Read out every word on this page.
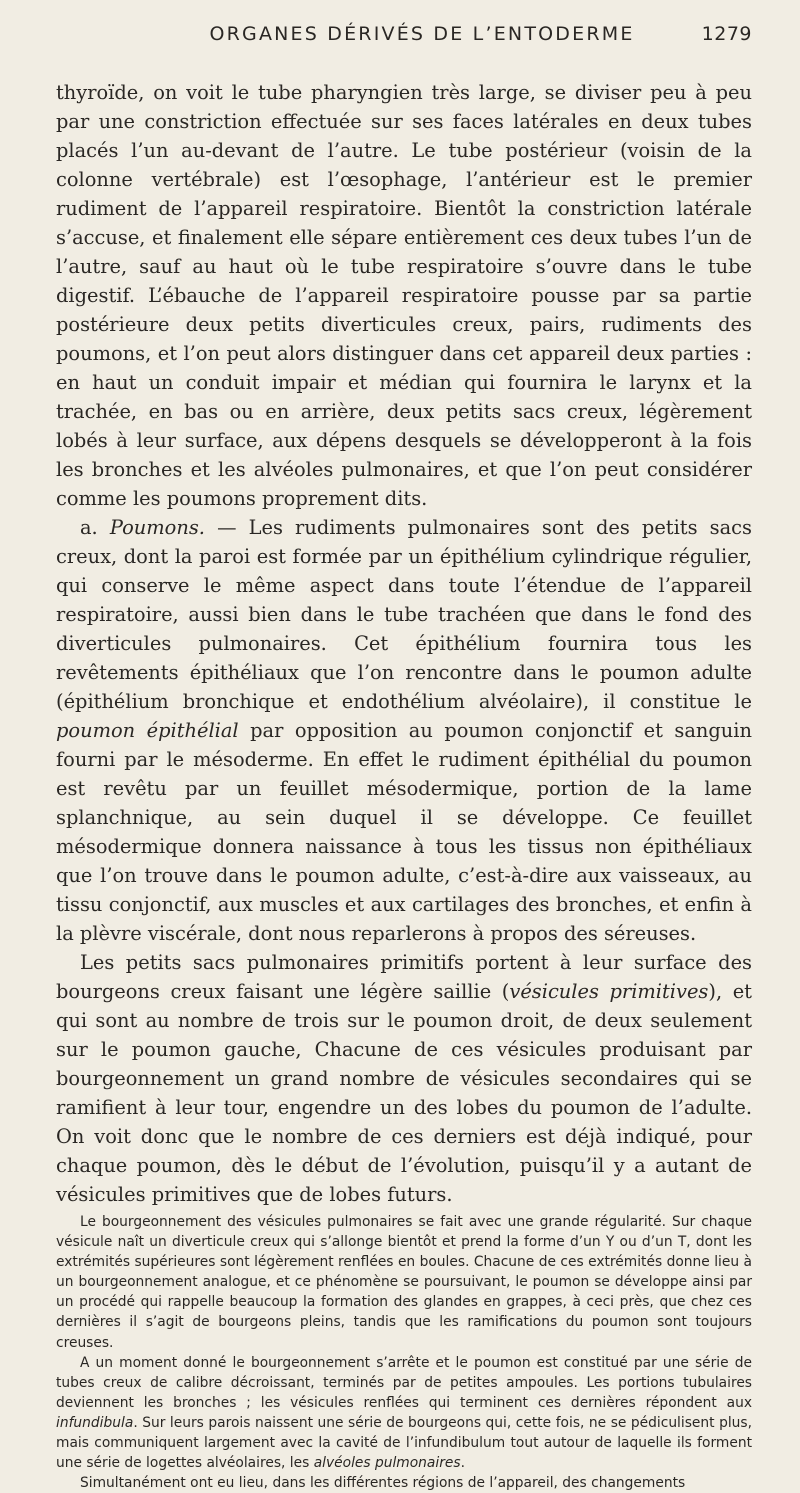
ORGANES DÉRIVÉS DE L’ENTODERME	1279

thyroïde, on voit le tube pharyngien très large, se diviser peu à peu par une constriction effectuée sur ses faces latérales en deux tubes placés l’un au-devant de l’autre. Le tube postérieur (voisin de la colonne vertébrale) est l’œsophage, l’antérieur est le premier rudiment de l’appareil respiratoire. Bientôt la constriction latérale s’accuse, et finalement elle sépare entièrement ces deux tubes l’un de l’autre, sauf au haut où le tube respiratoire s’ouvre dans le tube digestif. L’ébauche de l’appareil respiratoire pousse par sa partie postérieure deux petits diverticules creux, pairs, rudiments des poumons, et l’on peut alors distinguer dans cet appareil deux parties : en haut un conduit impair et médian qui fournira le larynx et la trachée, en bas ou en arrière, deux petits sacs creux, légèrement lobés à leur surface, aux dépens desquels se développeront à la fois les bronches et les alvéoles pulmonaires, et que l’on peut considérer comme les poumons proprement dits.

a. Poumons. — Les rudiments pulmonaires sont des petits sacs creux, dont la paroi est formée par un épithélium cylindrique régulier, qui conserve le même aspect dans toute l’étendue de l’appareil respiratoire, aussi bien dans le tube trachéen que dans le fond des diverticules pulmonaires. Cet épithélium fournira tous les revêtements épithéliaux que l’on rencontre dans le poumon adulte (épithélium bronchique et endothélium alvéolaire), il constitue le poumon épithélial par opposition au poumon conjonctif et sanguin fourni par le mésoderme. En effet le rudiment épithélial du poumon est revêtu par un feuillet mésodermique, portion de la lame splanchnique, au sein duquel il se développe. Ce feuillet mésodermique donnera naissance à tous les tissus non épithéliaux que l’on trouve dans le poumon adulte, c’est-à-dire aux vaisseaux, au tissu conjonctif, aux muscles et aux cartilages des bronches, et enfin à la plèvre viscérale, dont nous reparlerons à propos des séreuses.

Les petits sacs pulmonaires primitifs portent à leur surface des bourgeons creux faisant une légère saillie (vésicules primitives), et qui sont au nombre de trois sur le poumon droit, de deux seulement sur le poumon gauche, Chacune de ces vésicules produisant par bourgeonnement un grand nombre de vésicules secondaires qui se ramifient à leur tour, engendre un des lobes du poumon de l’adulte. On voit donc que le nombre de ces derniers est déjà indiqué, pour chaque poumon, dès le début de l’évolution, puisqu’il y a autant de vésicules primitives que de lobes futurs.

Le bourgeonnement des vésicules pulmonaires se fait avec une grande régularité. Sur chaque vésicule naît un diverticule creux qui s’allonge bientôt et prend la forme d’un Y ou d’un T, dont les extrémités supérieures sont légèrement renflées en boules. Chacune de ces extrémités donne lieu à un bourgeonnement analogue, et ce phénomène se poursuivant, le poumon se développe ainsi par un procédé qui rappelle beaucoup la formation des glandes en grappes, à ceci près, que chez ces dernières il s’agit de bourgeons pleins, tandis que les ramifications du poumon sont toujours creuses.

A un moment donné le bourgeonnement s’arrête et le poumon est constitué par une série de tubes creux de calibre décroissant, terminés par de petites ampoules. Les portions tubulaires deviennent les bronches ; les vésicules renflées qui terminent ces dernières répondent aux infundibula. Sur leurs parois naissent une série de bourgeons qui, cette fois, ne se pédiculisent plus, mais communiquent largement avec la cavité de l’infundibulum tout autour de laquelle ils forment une série de logettes alvéolaires, les alvéoles pulmonaires.

Simultanément ont eu lieu, dans les différentes régions de l’appareil, des changements
